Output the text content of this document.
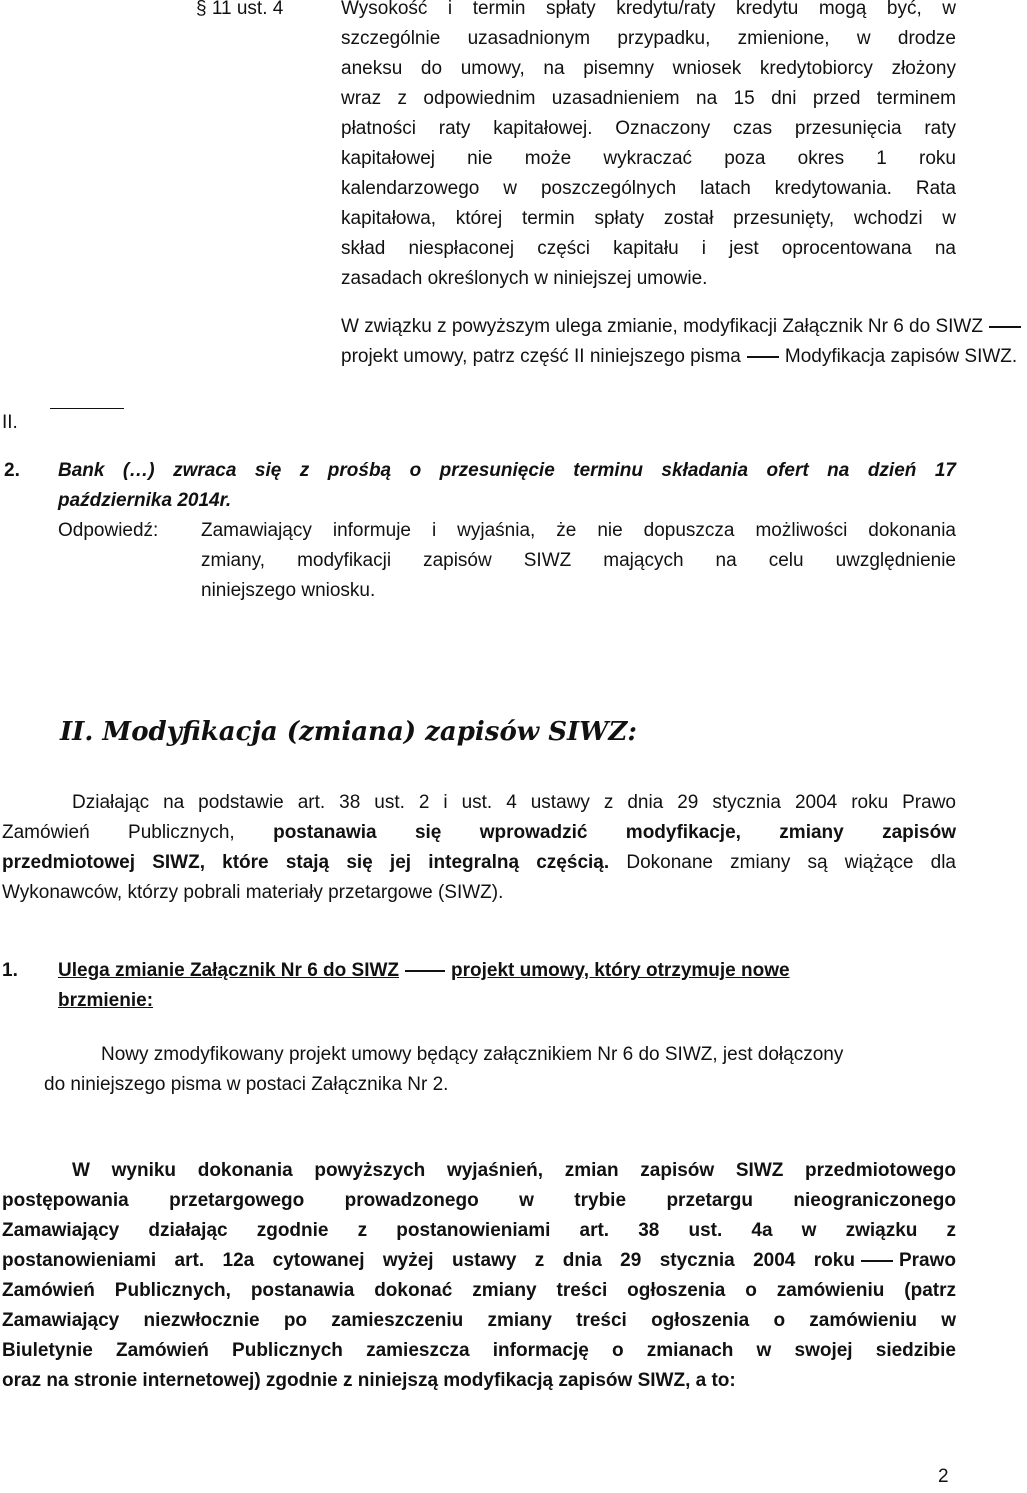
§ 11 ust. 4	Wysokość i termin spłaty kredytu/raty kredytu mogą być, w
szczególnie uzasadnionym przypadku, zmienione, w drodze
aneksu do umowy, na pisemny wniosek kredytobiorcy złożony
wraz z odpowiednim uzasadnieniem na 15 dni przed terminem
płatności raty kapitałowej. Oznaczony czas przesunięcia raty
kapitałowej nie może wykraczać poza okres 1 roku
kalendarzowego w poszczególnych latach kredytowania. Rata
kapitałowa, której termin spłaty został przesunięty, wchodzi w
skład niespłaconej części kapitału i jest oprocentowana na
zasadach określonych w niniejszej umowie.
W związku z powyższym ulega zmianie, modyfikacji Załącznik Nr 6 do SIWZ
projekt umowy, patrz część II niniejszego pisma Modyfikacja zapisów SIWZ.
II.
2. Bank (…) zwraca się z prośbą o przesunięcie terminu składania ofert na dzień 17
października 2014r.
Odpowiedź: Zamawiający informuje i wyjaśnia, że nie dopuszcza możliwości dokonania
zmiany, modyfikacji zapisów SIWZ mających na celu uwzględnienie
niniejszego wniosku.
II. Modyfikacja (zmiana) zapisów SIWZ:
Działając na podstawie art. 38 ust. 2 i ust. 4 ustawy z dnia 29 stycznia 2004 roku Prawo
Zamówień Publicznych, postanawia się wprowadzić modyfikacje, zmiany zapisów
przedmiotowej SIWZ, które stają się jej integralną częścią. Dokonane zmiany są wiążące dla
Wykonawców, którzy pobrali materiały przetargowe (SIWZ).
1. Ulega zmianie Załącznik Nr 6 do SIWZ	projekt umowy, który otrzymuje nowe
brzmienie:
Nowy zmodyfikowany projekt umowy będący załącznikiem Nr 6 do SIWZ, jest dołączony
do niniejszego pisma w postaci Załącznika Nr 2.
W wyniku dokonania powyższych wyjaśnień, zmian zapisów SIWZ przedmiotowego
postępowania przetargowego prowadzonego w trybie przetargu nieograniczonego
Zamawiający działając zgodnie z postanowieniami art. 38 ust. 4a w związku z
postanowieniami art. 12a cytowanej wyżej ustawy z dnia 29 stycznia 2004 roku Prawo
Zamówień Publicznych, postanawia dokonać zmiany treści ogłoszenia o zamówieniu (patrz
Zamawiający niezwłocznie po zamieszczeniu zmiany treści ogłoszenia o zamówieniu w
Biuletynie Zamówień Publicznych zamieszcza informację o zmianach w swojej siedzibie
oraz na stronie internetowej) zgodnie z niniejszą modyfikacją zapisów SIWZ, a to:
2
